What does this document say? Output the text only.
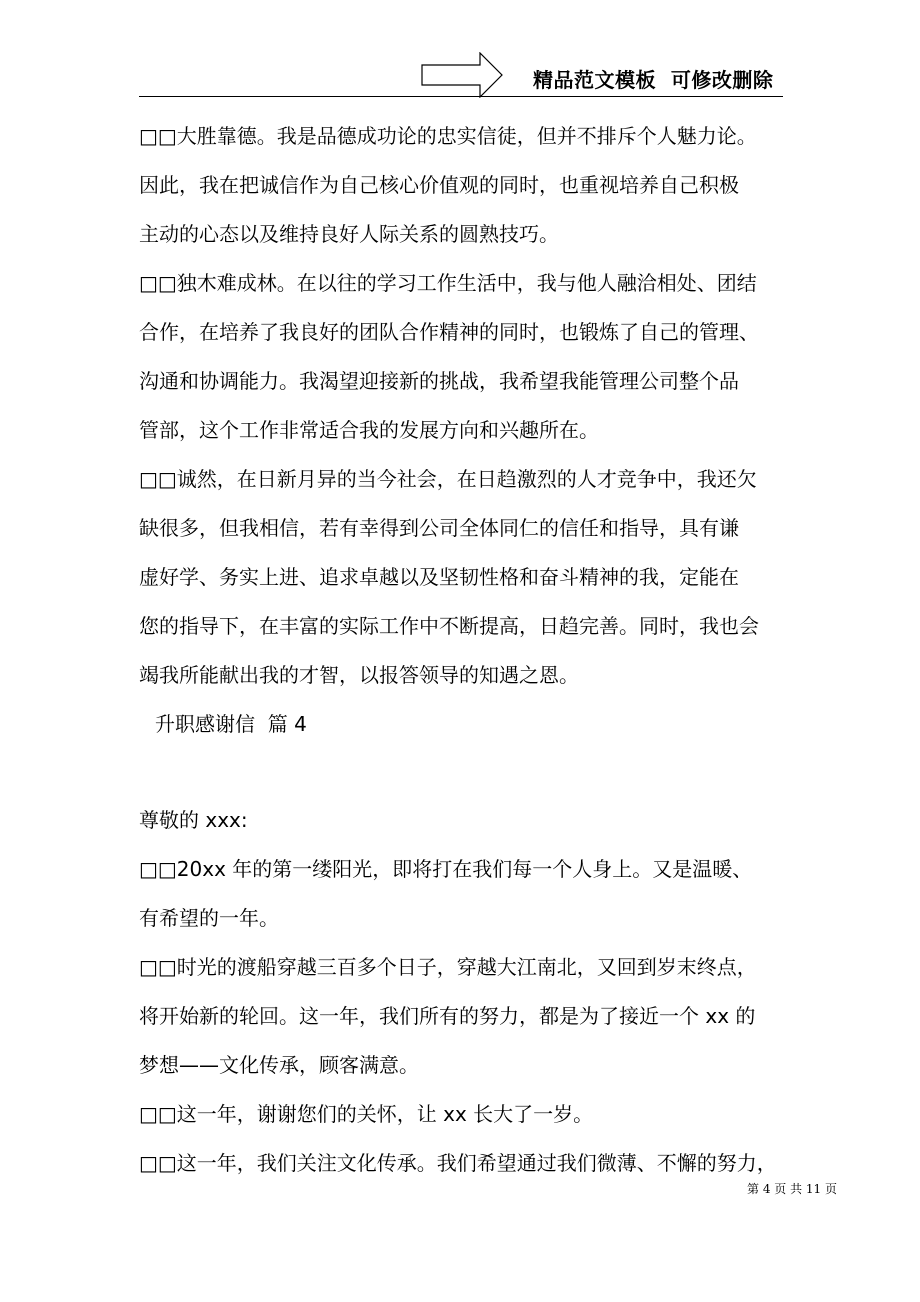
精品范文模板  可修改删除
□□大胜靠德。我是品德成功论的忠实信徒，但并不排斥个人魅力论。
因此，我在把诚信作为自己核心价值观的同时，也重视培养自己积极
主动的心态以及维持良好人际关系的圆熟技巧。
□□独木难成林。在以往的学习工作生活中，我与他人融洽相处、团结
合作，在培养了我良好的团队合作精神的同时，也锻炼了自己的管理、
沟通和协调能力。我渴望迎接新的挑战，我希望我能管理公司整个品
管部，这个工作非常适合我的发展方向和兴趣所在。
□□诚然，在日新月异的当今社会，在日趋激烈的人才竞争中，我还欠
缺很多，但我相信，若有幸得到公司全体同仁的信任和指导，具有谦
虚好学、务实上进、追求卓越以及坚韧性格和奋斗精神的我，定能在
您的指导下，在丰富的实际工作中不断提高，日趋完善。同时，我也会
竭我所能献出我的才智，以报答领导的知遇之恩。
升职感谢信  篇 4
尊敬的 xxx:
□□20xx 年的第一缕阳光，即将打在我们每一个人身上。又是温暖、
有希望的一年。
□□时光的渡船穿越三百多个日子，穿越大江南北，又回到岁末终点，
将开始新的轮回。这一年，我们所有的努力，都是为了接近一个 xx 的
梦想——文化传承，顾客满意。
□□这一年，谢谢您们的关怀，让 xx 长大了一岁。
□□这一年，我们关注文化传承。我们希望通过我们微薄、不懈的努力，
第 4 页 共 11 页
